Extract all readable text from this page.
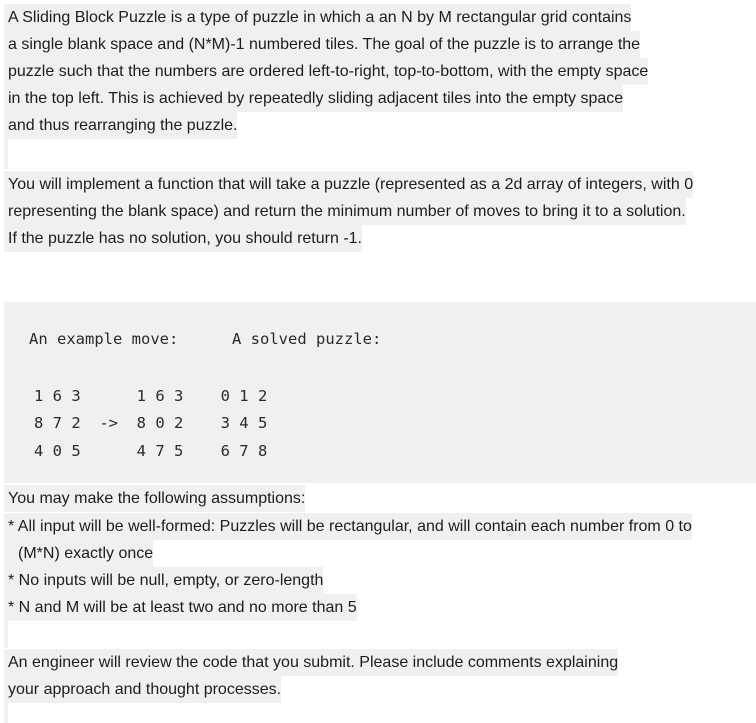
A Sliding Block Puzzle is a type of puzzle in which a an N by M rectangular grid contains
a single blank space and (N*M)-1 numbered tiles. The goal of the puzzle is to arrange the
puzzle such that the numbers are ordered left-to-right, top-to-bottom, with the empty space
in the top left. This is achieved by repeatedly sliding adjacent tiles into the empty space
and thus rearranging the puzzle.
You will implement a function that will take a puzzle (represented as a 2d array of integers, with 0
representing the blank space) and return the minimum number of moves to bring it to a solution.
If the puzzle has no solution, you should return -1.
An example move:	A solved puzzle:
1 6 3      1 6 3    0 1 2
8 7 2  ->  8 0 2    3 4 5
4 0 5      4 7 5    6 7 8
You may make the following assumptions:
* All input will be well-formed: Puzzles will be rectangular, and will contain each number from 0 to
(M*N) exactly once
* No inputs will be null, empty, or zero-length
* N and M will be at least two and no more than 5
An engineer will review the code that you submit. Please include comments explaining
your approach and thought processes.
